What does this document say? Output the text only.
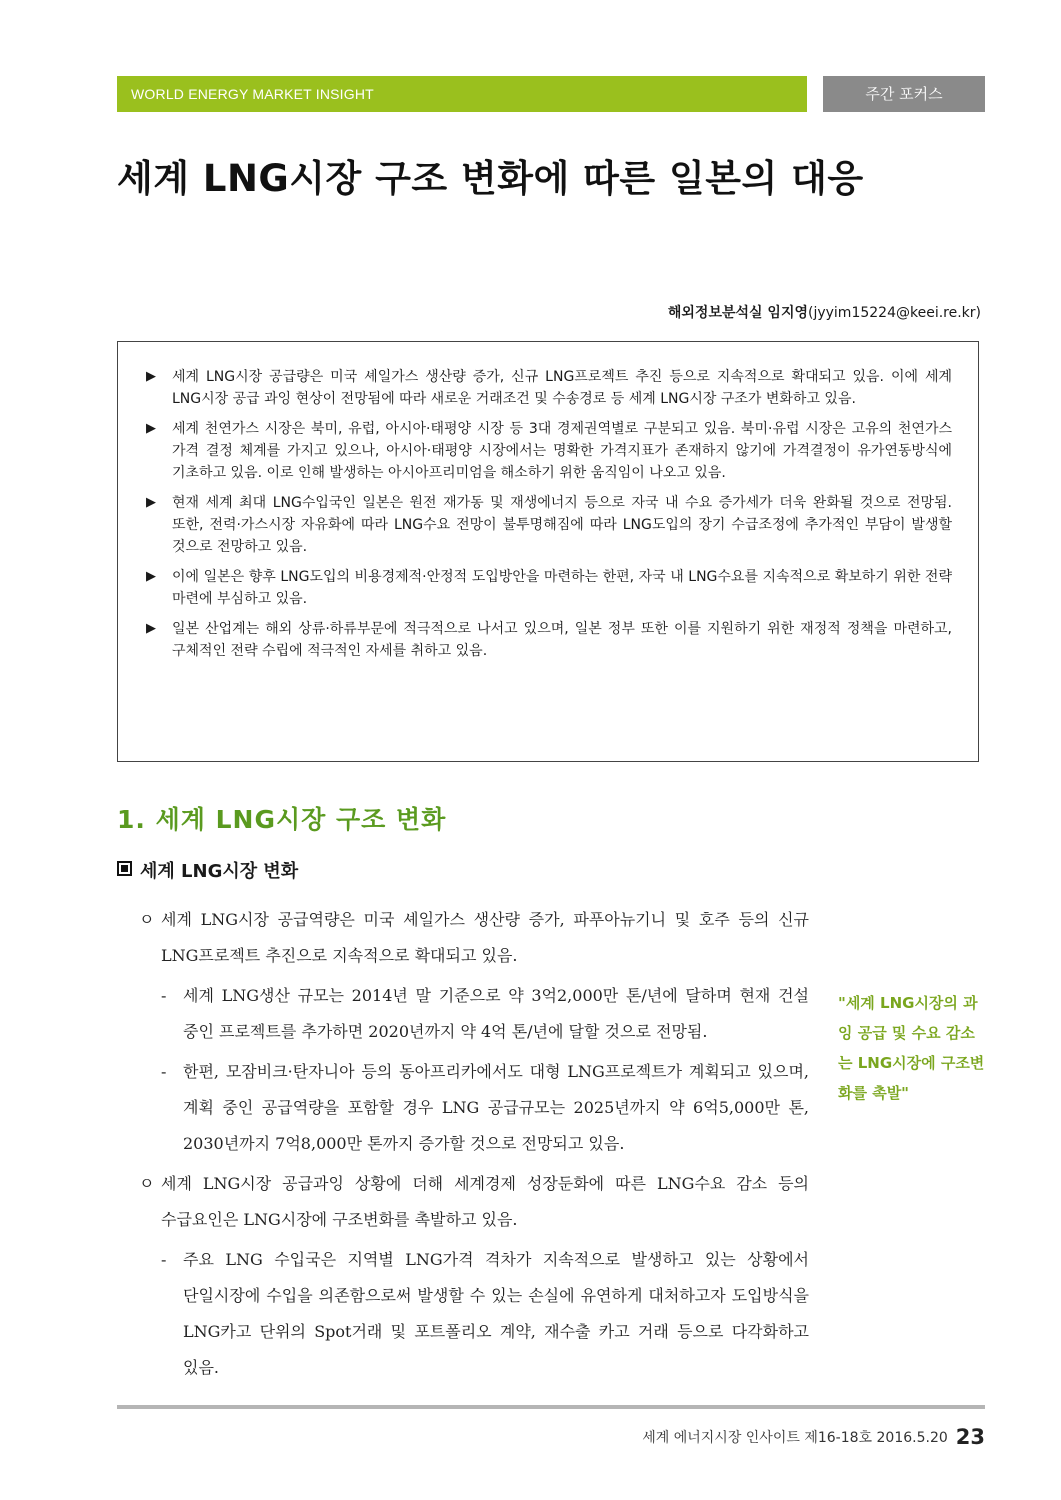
WORLD ENERGY MARKET INSIGHT	주간 포커스
세계 LNG시장 구조 변화에 따른 일본의 대응
해외정보분석실 임지영(jyyim15224@keei.re.kr)
▶ 세계 LNG시장 공급량은 미국 셰일가스 생산량 증가, 신규 LNG프로젝트 추진 등으로 지속적으로 확대되고 있음. 이에 세계 LNG시장 공급 과잉 현상이 전망됨에 따라 새로운 거래조건 및 수송경로 등 세계 LNG시장 구조가 변화하고 있음.
▶ 세계 천연가스 시장은 북미, 유럽, 아시아·태평양 시장 등 3대 경제권역별로 구분되고 있음. 북미·유럽 시장은 고유의 천연가스 가격 결정 체계를 가지고 있으나, 아시아·태평양 시장에서는 명확한 가격지표가 존재하지 않기에 가격결정이 유가연동방식에 기초하고 있음. 이로 인해 발생하는 아시아프리미엄을 해소하기 위한 움직임이 나오고 있음.
▶ 현재 세계 최대 LNG수입국인 일본은 원전 재가동 및 재생에너지 등으로 자국 내 수요 증가세가 더욱 완화될 것으로 전망됨. 또한, 전력·가스시장 자유화에 따라 LNG수요 전망이 불투명해짐에 따라 LNG도입의 장기 수급조정에 추가적인 부담이 발생할 것으로 전망하고 있음.
▶ 이에 일본은 향후 LNG도입의 비용경제적·안정적 도입방안을 마련하는 한편, 자국 내 LNG수요를 지속적으로 확보하기 위한 전략 마련에 부심하고 있음.
▶ 일본 산업계는 해외 상류·하류부문에 적극적으로 나서고 있으며, 일본 정부 또한 이를 지원하기 위한 재정적 정책을 마련하고, 구체적인 전략 수립에 적극적인 자세를 취하고 있음.
1. 세계 LNG시장 구조 변화
세계 LNG시장 변화
ㅇ 세계 LNG시장 공급역량은 미국 셰일가스 생산량 증가, 파푸아뉴기니 및 호주 등의 신규 LNG프로젝트 추진으로 지속적으로 확대되고 있음.
- 세계 LNG생산 규모는 2014년 말 기준으로 약 3억2,000만 톤/년에 달하며 현재 건설 중인 프로젝트를 추가하면 2020년까지 약 4억 톤/년에 달할 것으로 전망됨.
- 한편, 모잠비크·탄자니아 등의 동아프리카에서도 대형 LNG프로젝트가 계획되고 있으며, 계획 중인 공급역량을 포함할 경우 LNG 공급규모는 2025년까지 약 6억5,000만 톤, 2030년까지 7억8,000만 톤까지 증가할 것으로 전망되고 있음.
ㅇ 세계 LNG시장 공급과잉 상황에 더해 세계경제 성장둔화에 따른 LNG수요 감소 등의 수급요인은 LNG시장에 구조변화를 촉발하고 있음.
- 주요 LNG 수입국은 지역별 LNG가격 격차가 지속적으로 발생하고 있는 상황에서 단일시장에 수입을 의존함으로써 발생할 수 있는 손실에 유연하게 대처하고자 도입방식을 LNG카고 단위의 Spot거래 및 포트폴리오 계약, 재수출 카고 거래 등으로 다각화하고 있음.
"세계 LNG시장의 과잉 공급 및 수요 감소는 LNG시장에 구조변화를 촉발"
세계 에너지시장 인사이트 제16-18호 2016.5.20 23
